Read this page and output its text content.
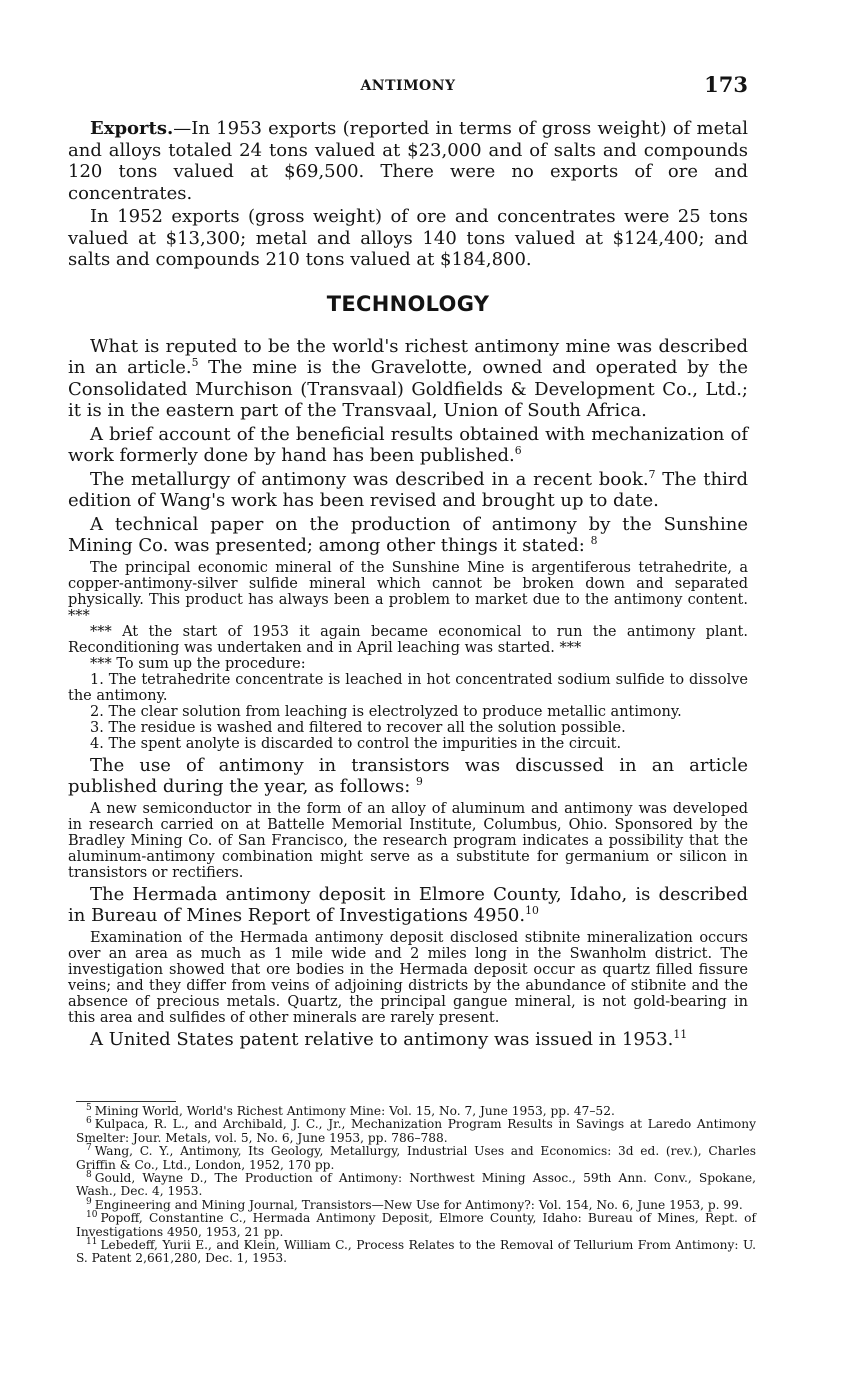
ANTIMONY	173

Exports.—In 1953 exports (reported in terms of gross weight) of metal and alloys totaled 24 tons valued at $23,000 and of salts and compounds 120 tons valued at $69,500. There were no exports of ore and concentrates.

In 1952 exports (gross weight) of ore and concentrates were 25 tons valued at $13,300; metal and alloys 140 tons valued at $124,400; and salts and compounds 210 tons valued at $184,800.

TECHNOLOGY

What is reputed to be the world's richest antimony mine was described in an article.$^5$ The mine is the Gravelotte, owned and operated by the Consolidated Murchison (Transvaal) Goldfields & Development Co., Ltd.; it is in the eastern part of the Transvaal, Union of South Africa.

A brief account of the beneficial results obtained with mechanization of work formerly done by hand has been published.$^6$

The metallurgy of antimony was described in a recent book.$^7$ The third edition of Wang's work has been revised and brought up to date.

A technical paper on the production of antimony by the Sunshine Mining Co. was presented; among other things it stated: $^8$

The principal economic mineral of the Sunshine Mine is argentiferous tetrahedrite, a copper-antimony-silver sulfide mineral which cannot be broken down and separated physically. This product has always been a problem to market due to the antimony content. ***

*** At the start of 1953 it again became economical to run the antimony plant. Reconditioning was undertaken and in April leaching was started. ***

*** To sum up the procedure:

1. The tetrahedrite concentrate is leached in hot concentrated sodium sulfide to dissolve the antimony.
2. The clear solution from leaching is electrolyzed to produce metallic antimony.
3. The residue is washed and filtered to recover all the solution possible.
4. The spent anolyte is discarded to control the impurities in the circuit.

The use of antimony in transistors was discussed in an article published during the year, as follows: $^9$

A new semiconductor in the form of an alloy of aluminum and antimony was developed in research carried on at Battelle Memorial Institute, Columbus, Ohio. Sponsored by the Bradley Mining Co. of San Francisco, the research program indicates a possibility that the aluminum-antimony combination might serve as a substitute for germanium or silicon in transistors or rectifiers.

The Hermada antimony deposit in Elmore County, Idaho, is described in Bureau of Mines Report of Investigations 4950.10

Examination of the Hermada antimony deposit disclosed stibnite mineralization occurs over an area as much as 1 mile wide and 2 miles long in the Swanholm district. The investigation showed that ore bodies in the Hermada deposit occur as quartz filled fissure veins; and they differ from veins of adjoining districts by the abundance of stibnite and the absence of precious metals. Quartz, the principal gangue mineral, is not gold-bearing in this area and sulfides of other minerals are rarely present.

A United States patent relative to antimony was issued in 1953.11

$^5$ Mining World, World's Richest Antimony Mine: Vol. 15, No. 7, June 1953, pp. 47–52.

$^6$ Kulpaca, R. L., and Archibald, J. C., Jr., Mechanization Program Results in Savings at Laredo Antimony Smelter: Jour. Metals, vol. 5, No. 6, June 1953, pp. 786–788.

$^7$ Wang, C. Y., Antimony, Its Geology, Metallurgy, Industrial Uses and Economics: 3d ed. (rev.), Charles Griffin & Co., Ltd., London, 1952, 170 pp.

$^8$ Gould, Wayne D., The Production of Antimony: Northwest Mining Assoc., 59th Ann. Conv., Spokane, Wash., Dec. 4, 1953.

$^9$ Engineering and Mining Journal, Transistors—New Use for Antimony?: Vol. 154, No. 6, June 1953, p. 99.

$^{10}$ Popoff, Constantine C., Hermada Antimony Deposit, Elmore County, Idaho: Bureau of Mines, Rept. of Investigations 4950, 1953, 21 pp.

$^{11}$ Lebedeff, Yurii E., and Klein, William C., Process Relates to the Removal of Tellurium From Antimony: U. S. Patent 2,661,280, Dec. 1, 1953.
